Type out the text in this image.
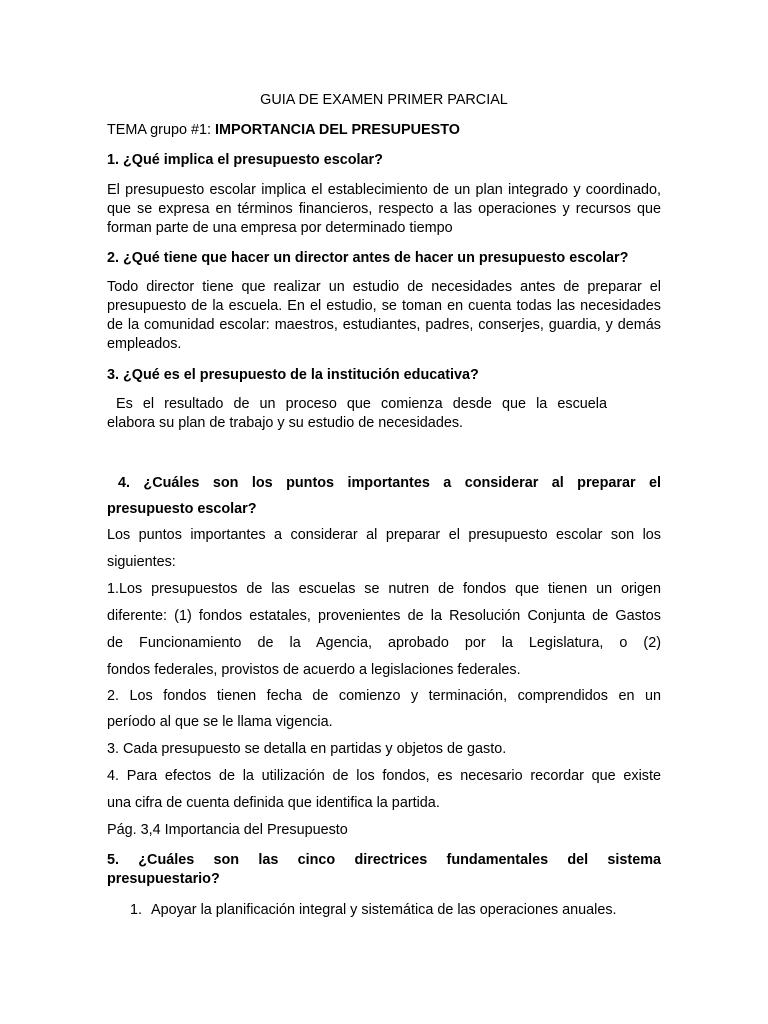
GUIA DE EXAMEN PRIMER PARCIAL

TEMA grupo #1: IMPORTANCIA DEL PRESUPUESTO

1. ¿Qué implica el presupuesto escolar?

El presupuesto escolar implica el establecimiento de un plan integrado y coordinado,

que se expresa en términos financieros, respecto a las operaciones y recursos que

forman parte de una empresa por determinado tiempo

2. ¿Qué tiene que hacer un director antes de hacer un presupuesto escolar?

Todo director tiene que realizar un estudio de necesidades antes de preparar el

presupuesto de la escuela. En el estudio, se toman en cuenta todas las necesidades

de la comunidad escolar: maestros, estudiantes, padres, conserjes, guardia, y demás

empleados.

3. ¿Qué es el presupuesto de la institución educativa?

Es el resultado de un proceso que comienza desde que la escuela

elabora su plan de trabajo y su estudio de necesidades.

4. ¿Cuáles son los puntos importantes a considerar al preparar el

presupuesto escolar?

Los puntos importantes a considerar al preparar el presupuesto escolar son los

siguientes:

1.Los presupuestos de las escuelas se nutren de fondos que tienen un origen

diferente: (1) fondos estatales, provenientes de la Resolución Conjunta de Gastos

de Funcionamiento de la Agencia, aprobado por la Legislatura, o (2)

fondos federales, provistos de acuerdo a legislaciones federales.

2. Los fondos tienen fecha de comienzo y terminación, comprendidos en un

período al que se le llama vigencia.

3. Cada presupuesto se detalla en partidas y objetos de gasto.

4. Para efectos de la utilización de los fondos, es necesario recordar que existe

una cifra de cuenta definida que identifica la partida.

Pág. 3,4 Importancia del Presupuesto

5. ¿Cuáles son las cinco directrices fundamentales del sistema

presupuestario?

1. Apoyar la planificación integral y sistemática de las operaciones anuales.
